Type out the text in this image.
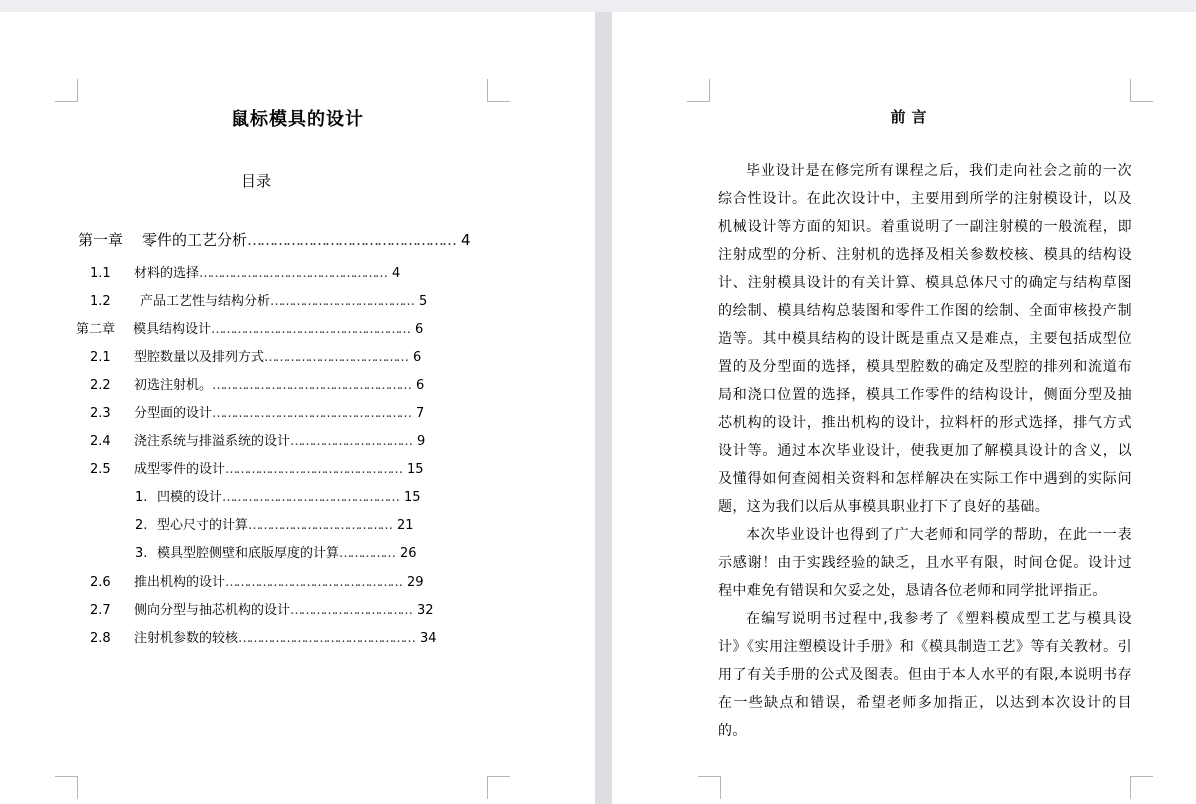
鼠标模具的设计
目录
第一章 零件的工艺分析………………………………………… 4
1.1 材料的选择…………………………………………… 4
1.2 产品工艺性与结构分析………………………………… 5
第二章 模具结构设计……………………………………………… 6
2.1 型腔数量以及排列方式………………………………… 6
2.2 初选注射机。……………………………………………… 6
2.3 分型面的设计……………………………………………… 7
2.4 浇注系统与排溢系统的设计…………………………… 9
2.5 成型零件的设计………………………………………… 15
1. 凹模的设计………………………………………… 15
2. 型心尺寸的计算………………………………… 21
3. 模具型腔侧壁和底版厚度的计算…………… 26
2.6 推出机构的设计………………………………………… 29
2.7 侧向分型与抽芯机构的设计…………………………… 32
2.8 注射机参数的较核………………………………………… 34
前言

毕业设计是在修完所有课程之后，我们走向社会之前的一次综合性设计。在此次设计中，主要用到所学的注射模设计，以及机械设计等方面的知识。着重说明了一副注射模的一般流程，即注射成型的分析、注射机的选择及相关参数校核、模具的结构设计、注射模具设计的有关计算、模具总体尺寸的确定与结构草图的绘制、模具结构总装图和零件工作图的绘制、全面审核投产制造等。其中模具结构的设计既是重点又是难点，主要包括成型位置的及分型面的选择，模具型腔数的确定及型腔的排列和流道布局和浇口位置的选择，模具工作零件的结构设计，侧面分型及抽芯机构的设计，推出机构的设计，拉料杆的形式选择，排气方式设计等。通过本次毕业设计，使我更加了解模具设计的含义，以及懂得如何查阅相关资料和怎样解决在实际工作中遇到的实际问题，这为我们以后从事模具职业打下了良好的基础。

本次毕业设计也得到了广大老师和同学的帮助，在此一一表示感谢！由于实践经验的缺乏，且水平有限，时间仓促。设计过程中难免有错误和欠妥之处，恳请各位老师和同学批评指正。

在编写说明书过程中,我参考了《塑料模成型工艺与模具设计》《实用注塑模设计手册》和《模具制造工艺》等有关教材。引用了有关手册的公式及图表。但由于本人水平的有限,本说明书存在一些缺点和错误，希望老师多加指正，以达到本次设计的目的。
